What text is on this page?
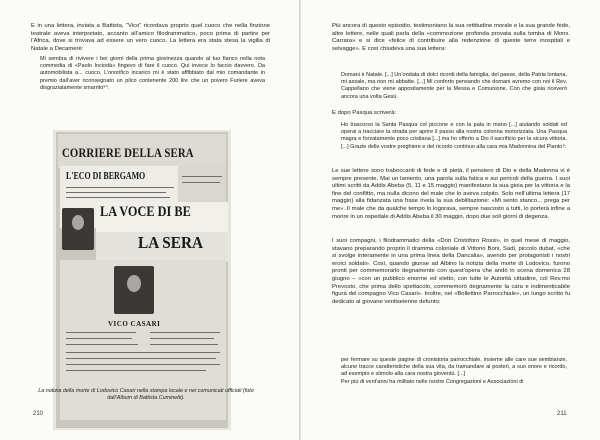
E in una lettera, inviata a Battista, “Vico” ricordava proprio quel cuoco che nella finzione teatrale aveva interpretato, accanto all’amico filodrammatico, poco prima di partire per l’Africa, dove si trovava ad essere un vero cuoco. La lettera era stata stesa la vigilia di Natale a Decamerè:

Mi sembra di rivivere i bei giorni della prima giovinezza quando al tuo fianco nella nota commedia di «Paolo Inciodà» fingevo di fare il cuoco. Qui invece lo faccio davvero. Da automobilista a... cuoco. L’onorifico incarico mi è stato affibbiato dal mio comandante in premio dall’aver riconsegnato un plico contenente 200 lire che un povero Furiere aveva disgraziatamente smarrito⁹⁴.

CORRIERE DELLA SERA
L'ECO DI BERGAMO
LA VOCE DI BE
LA SERA
VICO CASARI
La notizia della morte di Lodovico Casari nella stampa locale e nei comunicati ufficiali (foto dall’Album di Battista Cuminetti).
210

Più ancora di questo episodio, testimoniano la sua rettitudine morale e la sua grande fede, altre lettere, nelle quali parla della «commozione profonda provata sulla tomba di Mons. Carrara» e si dice «felice di contribuire alla redenzione di queste terre inospitali e selvagge». E così chiudeva una sua lettera:

Domani è Natale. [...] Un’ondata di dolci ricordi della famiglia, del paese, della Patria lontana, mi assale, ma non mi abbatte. [...] Mi conforto pensando che domani avremo con noi il Rev. Cappellano che viene appositamente per la Messa e Comunione. Con che gioia riceverò ancora una volta Gesù.

E dopo Pasqua scriverà:

Ho trascorso la Santa Pasqua col piccone e con la pala in mano [...] aiutando soldati ed operai a tracciare la strada per aprire il passo alla nostra colonna motorizzata. Una Pasqua magra e forzatamente poco cristiana [...] ma ho offerto a Dio il sacrificio per la sicura vittoria. [...] Grazie delle vostre preghiere e del ricordo continuo alla cara mia Madonnina del Pianto⁹.

Le sue lettere sono traboccanti di fede e di pietà, il pensiero di Dio e della Madonna vi è sempre presente. Mai un lamento, una parola sulla fatica e sui pericoli della guerra. I suoi ultimi scritti da Addis Abeba (5, 11 e 15 maggio) manifestano la sua gioia per la vittoria e la fine del conflitto, ma nulla dicono del male che lo aveva colpito. Solo nell’ultima lettera (17 maggio) alla fidanzata una frase rivela la sua debilitazione: «Mi sento stanco... prega per me». Il male che da qualche tempo lo logorava, sempre nascosto a tutti, lo porterà infine a morire in un ospedale di Addis Abeba il 30 maggio, dopo due soli giorni di degenza.

I suoi compagni, i filodrammatici della «Don Cristoforo Rossi», in quel mese di maggio, stavano preparando proprio il dramma coloniale di Vittorio Boni, Sadi, piccolo dubat, «che si svolge interamente in una prima linea della Dancalia», avendo per protagonisti i nostri eroici soldati». Così, quando giunse ad Albino la notizia della morte di Lodovico, furono pronti per commemorarlo degnamente con quest’opera che andò in scena domenica 28 giugno – «con un pubblico enorme ed eletto, con tutte le Autorità cittadine, col Rev.mo Prevosto, che prima dello spettacolo, commemorò degnamente la cara e indimenticabile figura del compagno Vico Casari». Inoltre, nel «Bollettino Parrocchiale», un lungo scritto fu dedicato al giovane ventiseienne defunto:

per fermare su queste pagine di cronistoria parrocchiale, insieme alle care sue sembianze, alcune tracce caratteristiche della sua vita, da tramandare ai posteri, a suo onore e ricordo, ad esempio e stimolo alla cara nostra gioventù. [...]
Per più di vent’anni ha militato nelle nostre Congregazioni e Associazioni di

211
